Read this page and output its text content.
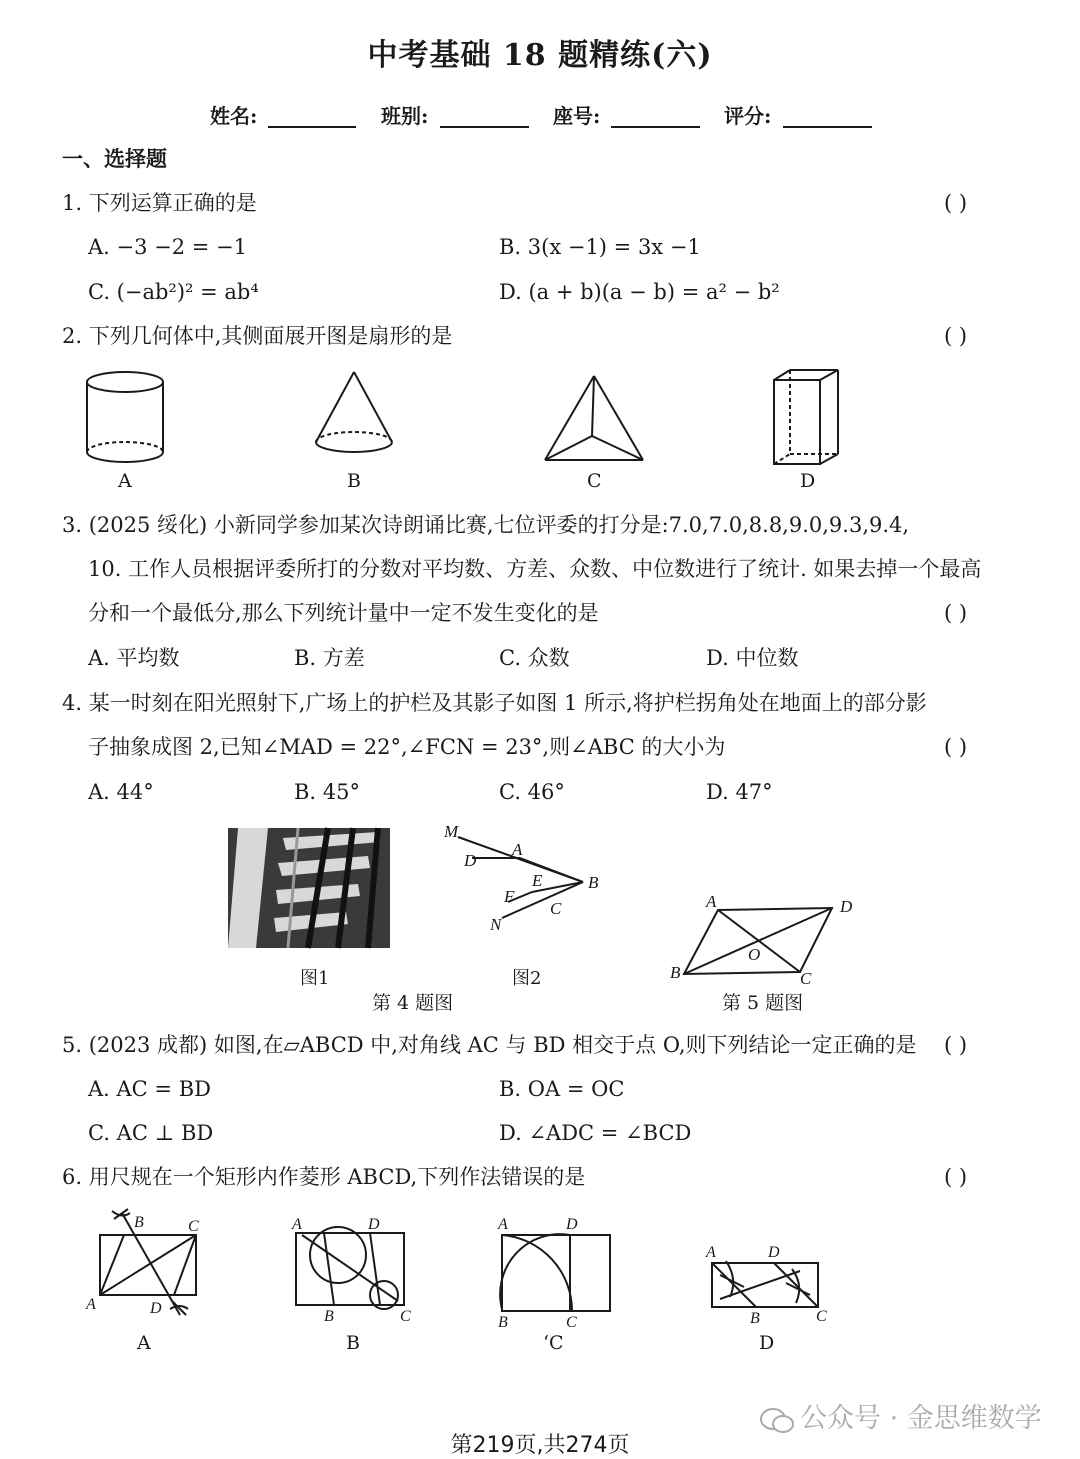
中考基础 18 题精练(六)
姓名:	班别:	座号:	评分:
一、选择题
1. 下列运算正确的是	( )
A. −3 −2 = −1	B. 3(x −1) = 3x −1
C. (−ab²)² = ab⁴	D. (a + b)(a − b) = a² − b²
2. 下列几何体中,其侧面展开图是扇形的是	( )
A	B	C	D
3. (2025 绥化) 小新同学参加某次诗朗诵比赛,七位评委的打分是:7.0,7.0,8.8,9.0,9.3,9.4,
10. 工作人员根据评委所打的分数对平均数、方差、众数、中位数进行了统计. 如果去掉一个最高
分和一个最低分,那么下列统计量中一定不发生变化的是	( )
A. 平均数	B. 方差	C. 众数	D. 中位数
4. 某一时刻在阳光照射下,广场上的护栏及其影子如图 1 所示,将护栏拐角处在地面上的部分影
子抽象成图 2,已知∠MAD = 22°,∠FCN = 23°,则∠ABC 的大小为	( )
A. 44°	B. 45°	C. 46°	D. 47°
M
D
A
E	B
F
C
N
图1	图2
第 4 题图
A	D
O
B	C
第 5 题图
5. (2023 成都) 如图,在▱ABCD 中,对角线 AC 与 BD 相交于点 O,则下列结论一定正确的是 ( )
A. AC = BD	B. OA = OC
C. AC ⊥ BD	D. ∠ADC = ∠BCD
6. 用尺规在一个矩形内作菱形 ABCD,下列作法错误的是	( )
B	C
A	D
A	D
B	C
A	D
B	C
A	D
B	C
A	B	‘C	D
公众号 · 金思维数学
第219页,共274页
